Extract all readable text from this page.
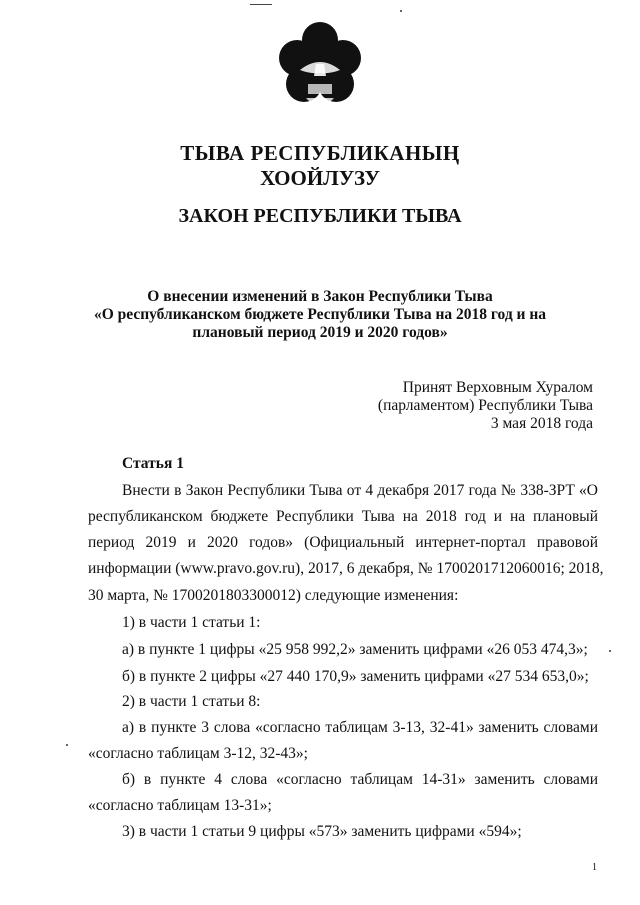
ТЫВА РЕСПУБЛИКАНЫҢ
ХООЙЛУЗУ
ЗАКОН РЕСПУБЛИКИ ТЫВА
О внесении изменений в Закон Республики Тыва
«О республиканском бюджете Республики Тыва на 2018 год и на
плановый период 2019 и 2020 годов»
Принят Верховным Хуралом
(парламентом) Республики Тыва
3 мая 2018 года
Статья 1
Внести в Закон Республики Тыва от 4 декабря 2017 года № 338-ЗРТ «О
республиканском бюджете Республики Тыва на 2018 год и на плановый
период 2019 и 2020 годов» (Официальный интернет-портал правовой
информации (www.pravo.gov.ru), 2017, 6 декабря, № 1700201712060016; 2018,
30 марта, № 1700201803300012) следующие изменения:
1) в части 1 статьи 1:
а) в пункте 1 цифры «25 958 992,2» заменить цифрами «26 053 474,3»;
б) в пункте 2 цифры «27 440 170,9» заменить цифрами «27 534 653,0»;
2) в части 1 статьи 8:
а) в пункте 3 слова «согласно таблицам 3-13, 32-41» заменить словами
«согласно таблицам 3-12, 32-43»;
б) в пункте 4 слова «согласно таблицам 14-31» заменить словами
«согласно таблицам 13-31»;
3) в части 1 статьи 9 цифры «573» заменить цифрами «594»;
1
